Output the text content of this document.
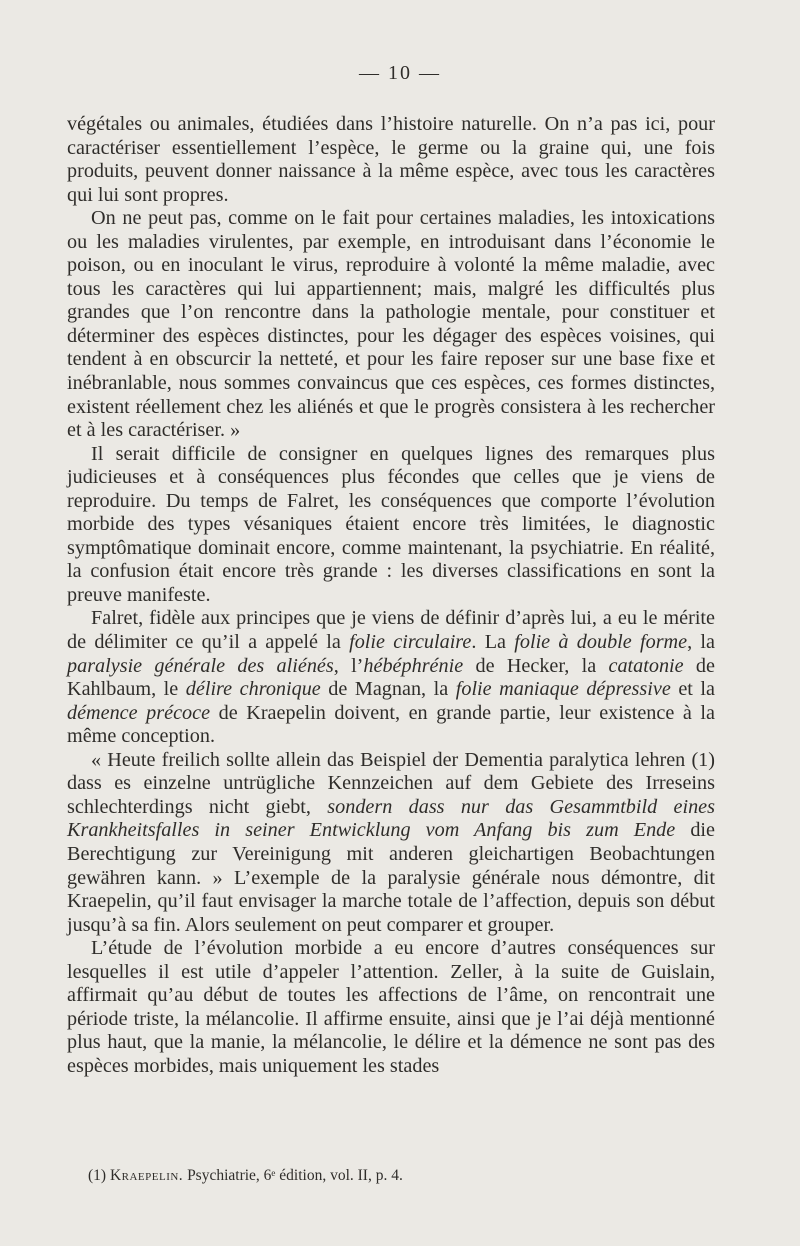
— 10 —

végétales ou animales, étudiées dans l’histoire naturelle. On n’a pas ici, pour caractériser essentiellement l’espèce, le germe ou la graine qui, une fois produits, peuvent donner naissance à la même espèce, avec tous les caractères qui lui sont propres.

On ne peut pas, comme on le fait pour certaines maladies, les intoxications ou les maladies virulentes, par exemple, en introduisant dans l’économie le poison, ou en inoculant le virus, reproduire à volonté la même maladie, avec tous les caractères qui lui appartiennent; mais, malgré les difficultés plus grandes que l’on rencontre dans la pathologie mentale, pour constituer et déterminer des espèces distinctes, pour les dégager des espèces voisines, qui tendent à en obscurcir la netteté, et pour les faire reposer sur une base fixe et inébranlable, nous sommes convaincus que ces espèces, ces formes distinctes, existent réellement chez les aliénés et que le progrès consistera à les rechercher et à les caractériser. »

Il serait difficile de consigner en quelques lignes des remarques plus judicieuses et à conséquences plus fécondes que celles que je viens de reproduire. Du temps de Falret, les conséquences que comporte l’évolution morbide des types vésaniques étaient encore très limitées, le diagnostic symptômatique dominait encore, comme maintenant, la psychiatrie. En réalité, la confusion était encore très grande : les diverses classifications en sont la preuve manifeste.

Falret, fidèle aux principes que je viens de définir d’après lui, a eu le mérite de délimiter ce qu’il a appelé la folie circulaire. La folie à double forme, la paralysie générale des aliénés, l’hébéphrénie de Hecker, la catatonie de Kahlbaum, le délire chronique de Magnan, la folie maniaque dépressive et la démence précoce de Kraepelin doivent, en grande partie, leur existence à la même conception.

« Heute freilich sollte allein das Beispiel der Dementia paralytica lehren (1) dass es einzelne untrügliche Kennzeichen auf dem Gebiete des Irreseins schlechterdings nicht giebt, sondern dass nur das Gesammtbild eines Krankheitsfalles in seiner Entwicklung vom Anfang bis zum Ende die Berechtigung zur Vereinigung mit anderen gleichartigen Beobachtungen gewähren kann. » L’exemple de la paralysie générale nous démontre, dit Kraepelin, qu’il faut envisager la marche totale de l’affection, depuis son début jusqu’à sa fin. Alors seulement on peut comparer et grouper.

L’étude de l’évolution morbide a eu encore d’autres conséquences sur lesquelles il est utile d’appeler l’attention. Zeller, à la suite de Guislain, affirmait qu’au début de toutes les affections de l’âme, on rencontrait une période triste, la mélancolie. Il affirme ensuite, ainsi que je l’ai déjà mentionné plus haut, que la manie, la mélancolie, le délire et la démence ne sont pas des espèces morbides, mais uniquement les stades

(1) Kraepelin. Psychiatrie, 6ᵉ édition, vol. II, p. 4.
